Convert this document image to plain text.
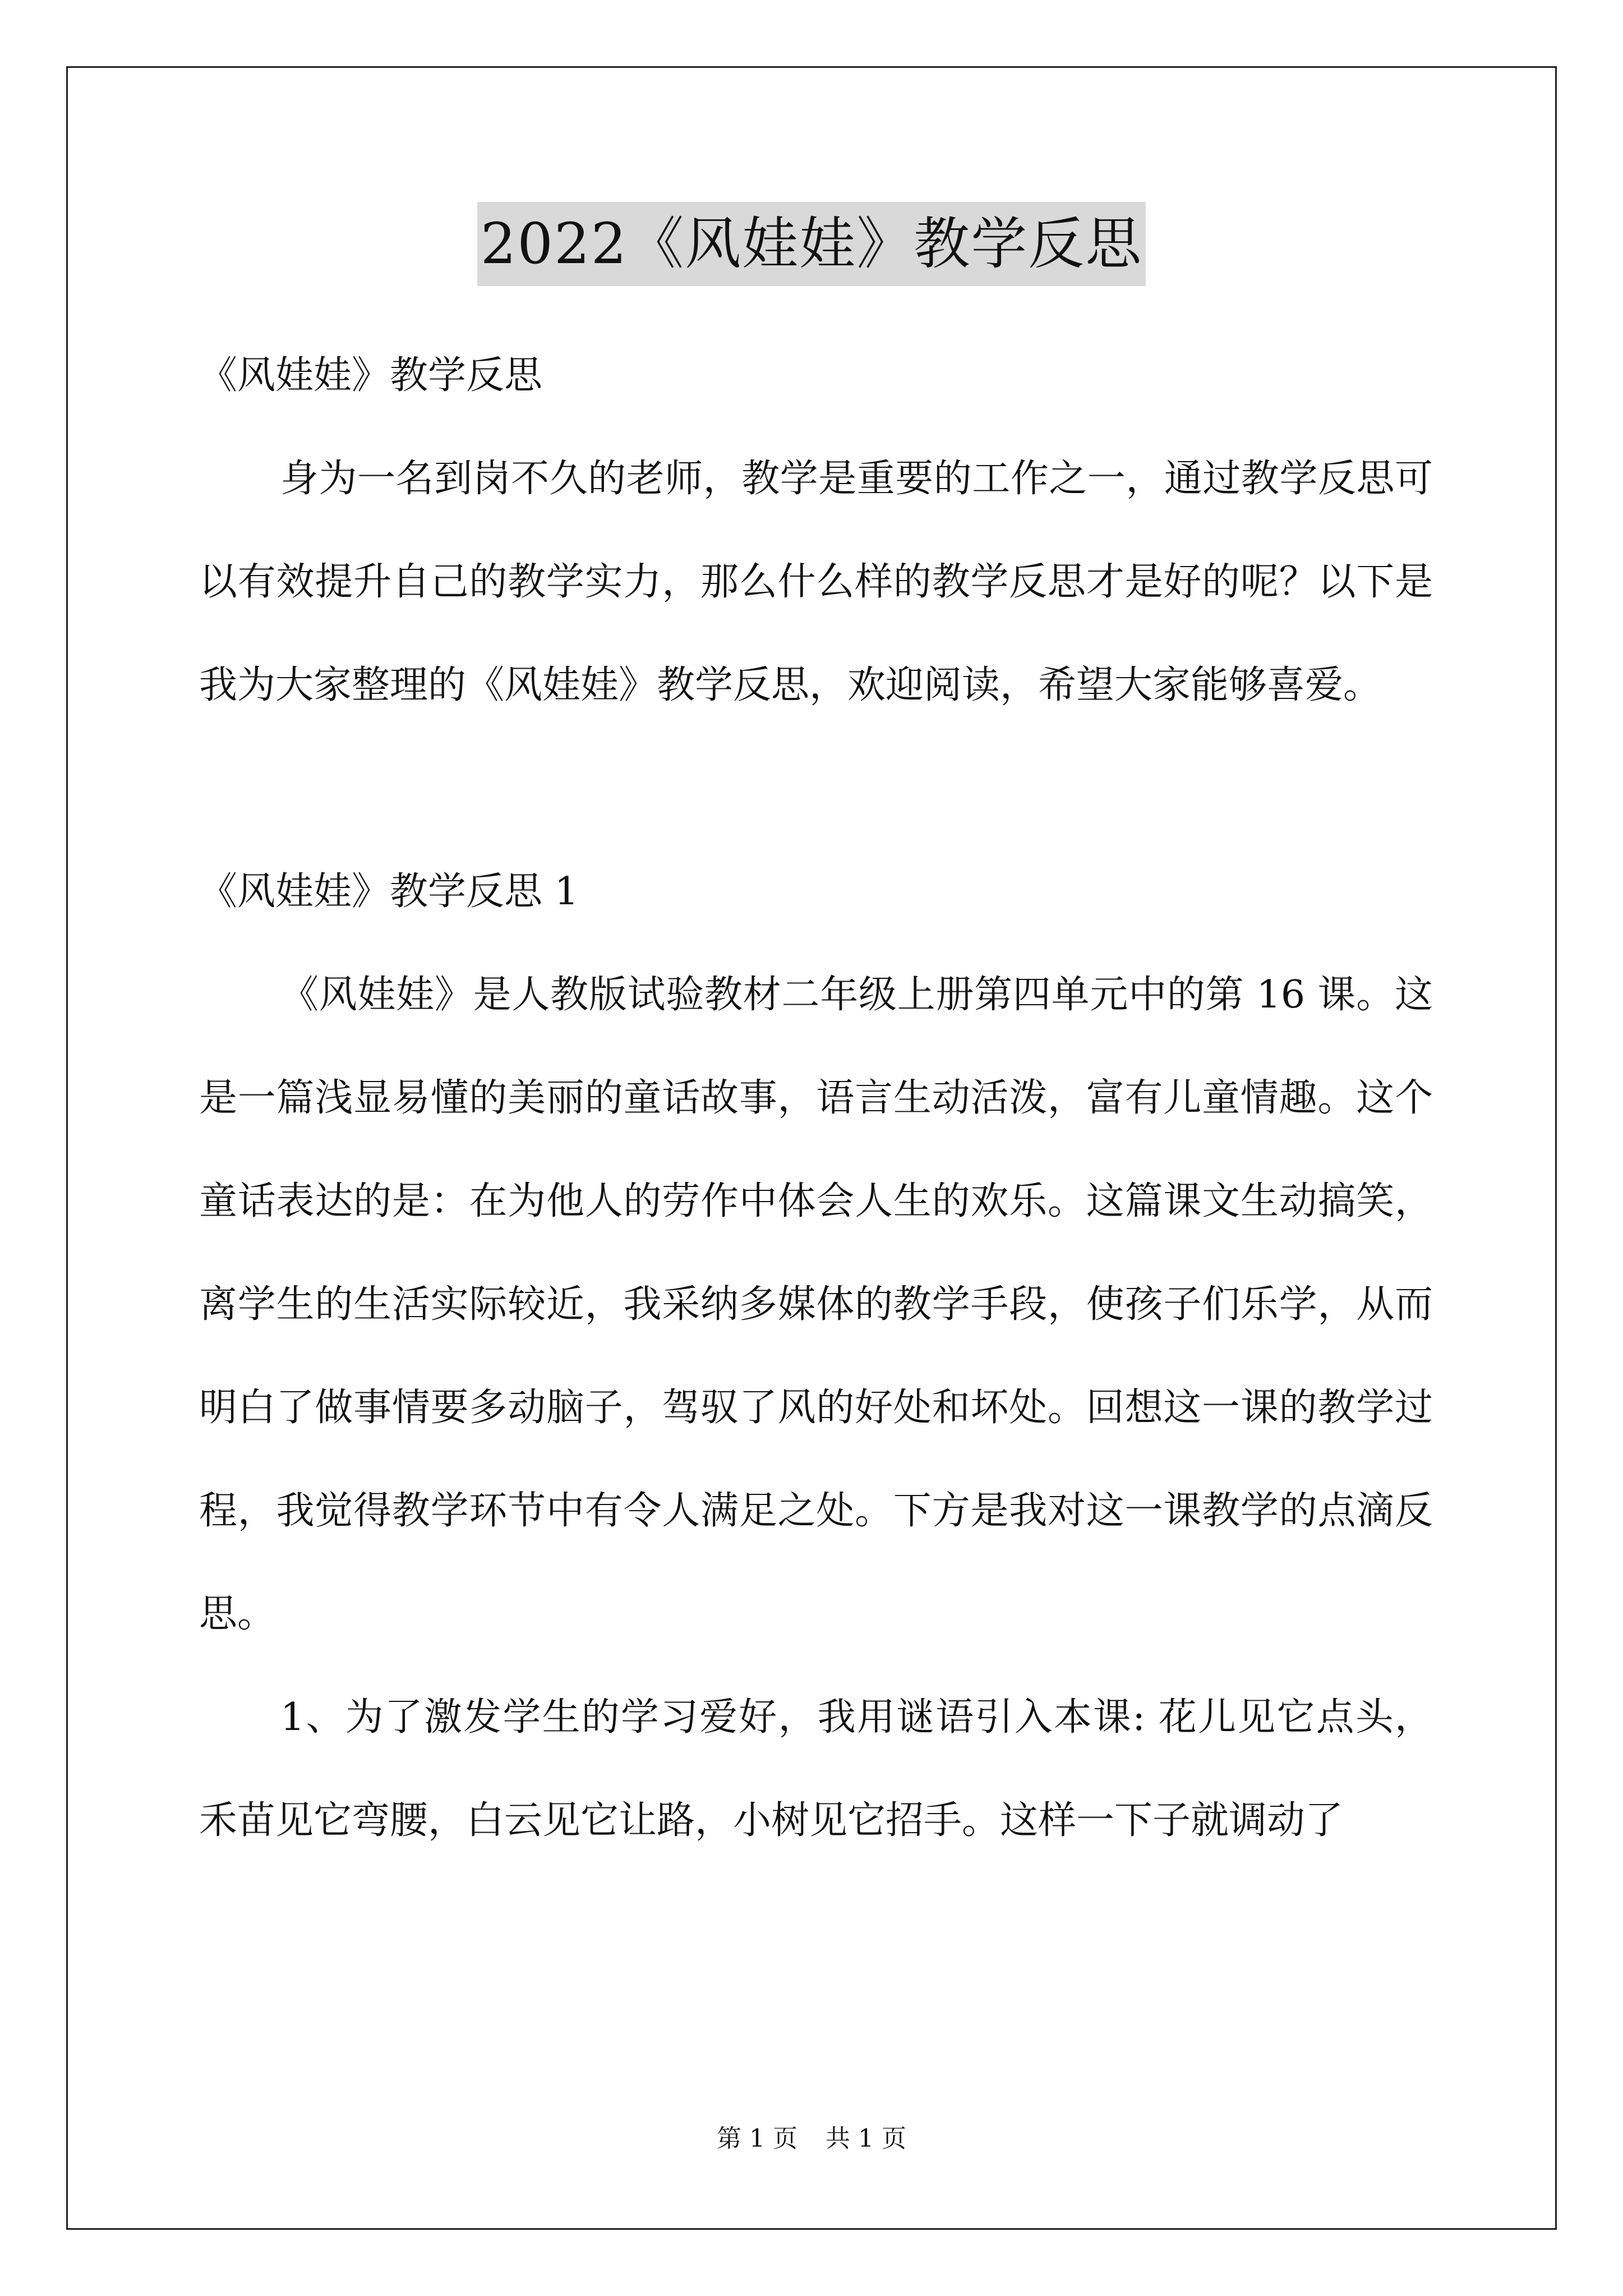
2022《风娃娃》教学反思

《风娃娃》教学反思

身为一名到岗不久的老师，教学是重要的工作之一，通过教学反思可以有效提升自己的教学实力，那么什么样的教学反思才是好的呢？以下是我为大家整理的《风娃娃》教学反思，欢迎阅读，希望大家能够喜爱。

《风娃娃》教学反思 1

《风娃娃》是人教版试验教材二年级上册第四单元中的第 16 课。这是一篇浅显易懂的美丽的童话故事，语言生动活泼，富有儿童情趣。这个童话表达的是：在为他人的劳作中体会人生的欢乐。这篇课文生动搞笑，离学生的生活实际较近，我采纳多媒体的教学手段，使孩子们乐学，从而明白了做事情要多动脑子，驾驭了风的好处和坏处。回想这一课的教学过程，我觉得教学环节中有令人满足之处。下方是我对这一课教学的点滴反思。

1、为了激发学生的学习爱好，我用谜语引入本课: 花儿见它点头，禾苗见它弯腰，白云见它让路，小树见它招手。这样一下子就调动了

第 1 页 共 1 页
